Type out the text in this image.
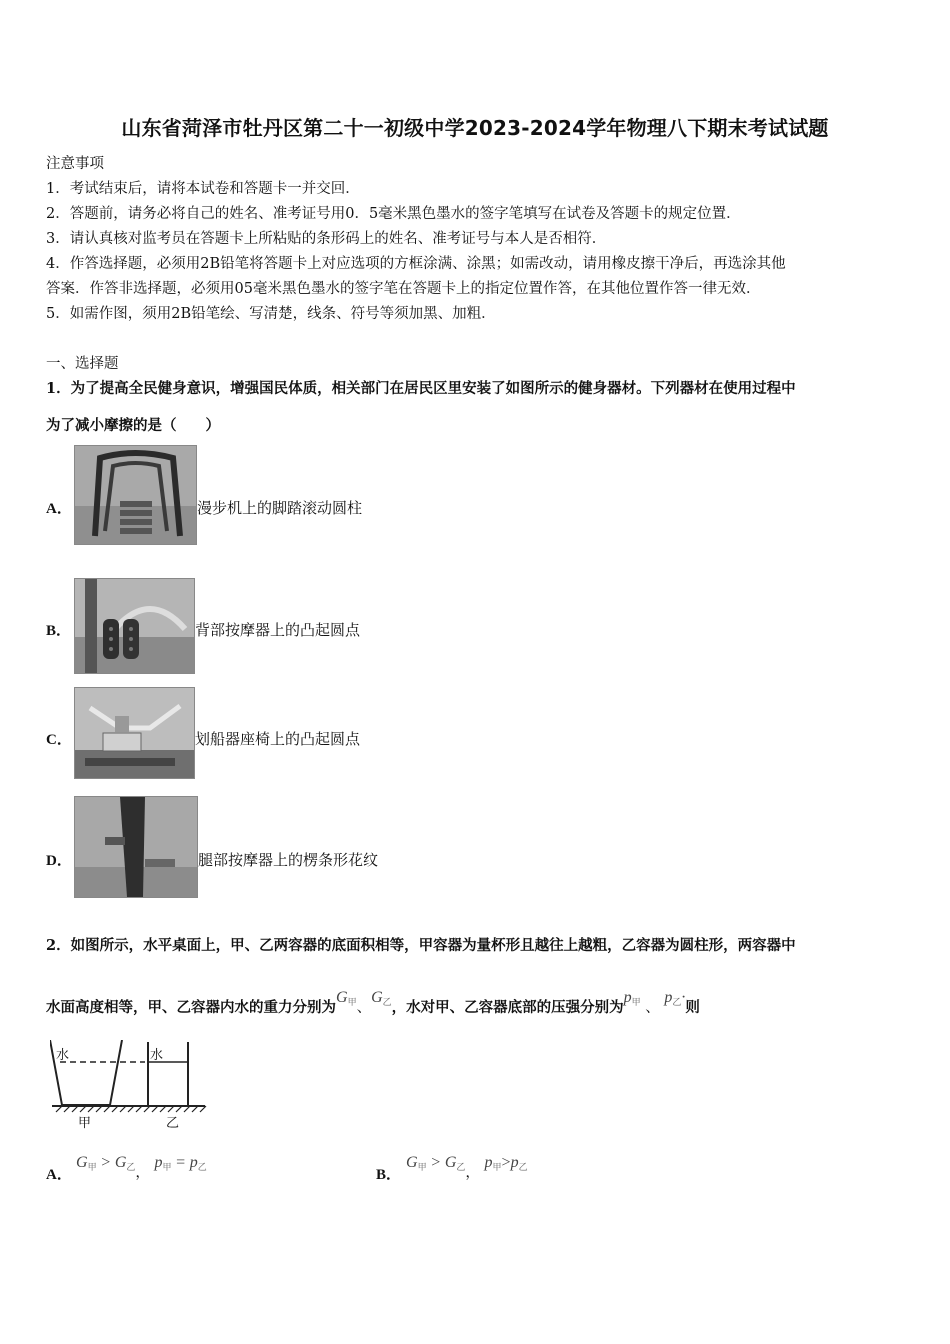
山东省菏泽市牡丹区第二十一初级中学2023-2024学年物理八下期末考试试题
注意事项
1．考试结束后，请将本试卷和答题卡一并交回．
2．答题前，请务必将自己的姓名、准考证号用0．5毫米黑色墨水的签字笔填写在试卷及答题卡的规定位置．
3．请认真核对监考员在答题卡上所粘贴的条形码上的姓名、准考证号与本人是否相符．
4．作答选择题，必须用2B铅笔将答题卡上对应选项的方框涂满、涂黑；如需改动，请用橡皮擦干净后，再选涂其他
答案．作答非选择题，必须用05毫米黑色墨水的签字笔在答题卡上的指定位置作答，在其他位置作答一律无效．
5．如需作图，须用2B铅笔绘、写清楚，线条、符号等须加黑、加粗．
一、选择题
1．为了提高全民健身意识，增强国民体质，相关部门在居民区里安装了如图所示的健身器材。下列器材在使用过程中
为了减小摩擦的是（　　）
A．	漫步机上的脚踏滚动圆柱
B．	背部按摩器上的凸起圆点
C．	划船器座椅上的凸起圆点
D．	腿部按摩器上的楞条形花纹
2．如图所示，水平桌面上，甲、乙两容器的底面积相等，甲容器为量杯形且越往上越粗，乙容器为圆柱形，两容器中
水面高度相等，甲、乙容器内水的重力分别为$G_甲$、$G_乙$，水对甲、乙容器底部的压强分别为$p_甲$ 、 $p_乙\cdot$则
水	水
甲	乙
A．
$G_甲 > G_乙$， $p_甲 = p_乙$	B．
$G_甲 > G_乙$， $p_甲>p_乙$
